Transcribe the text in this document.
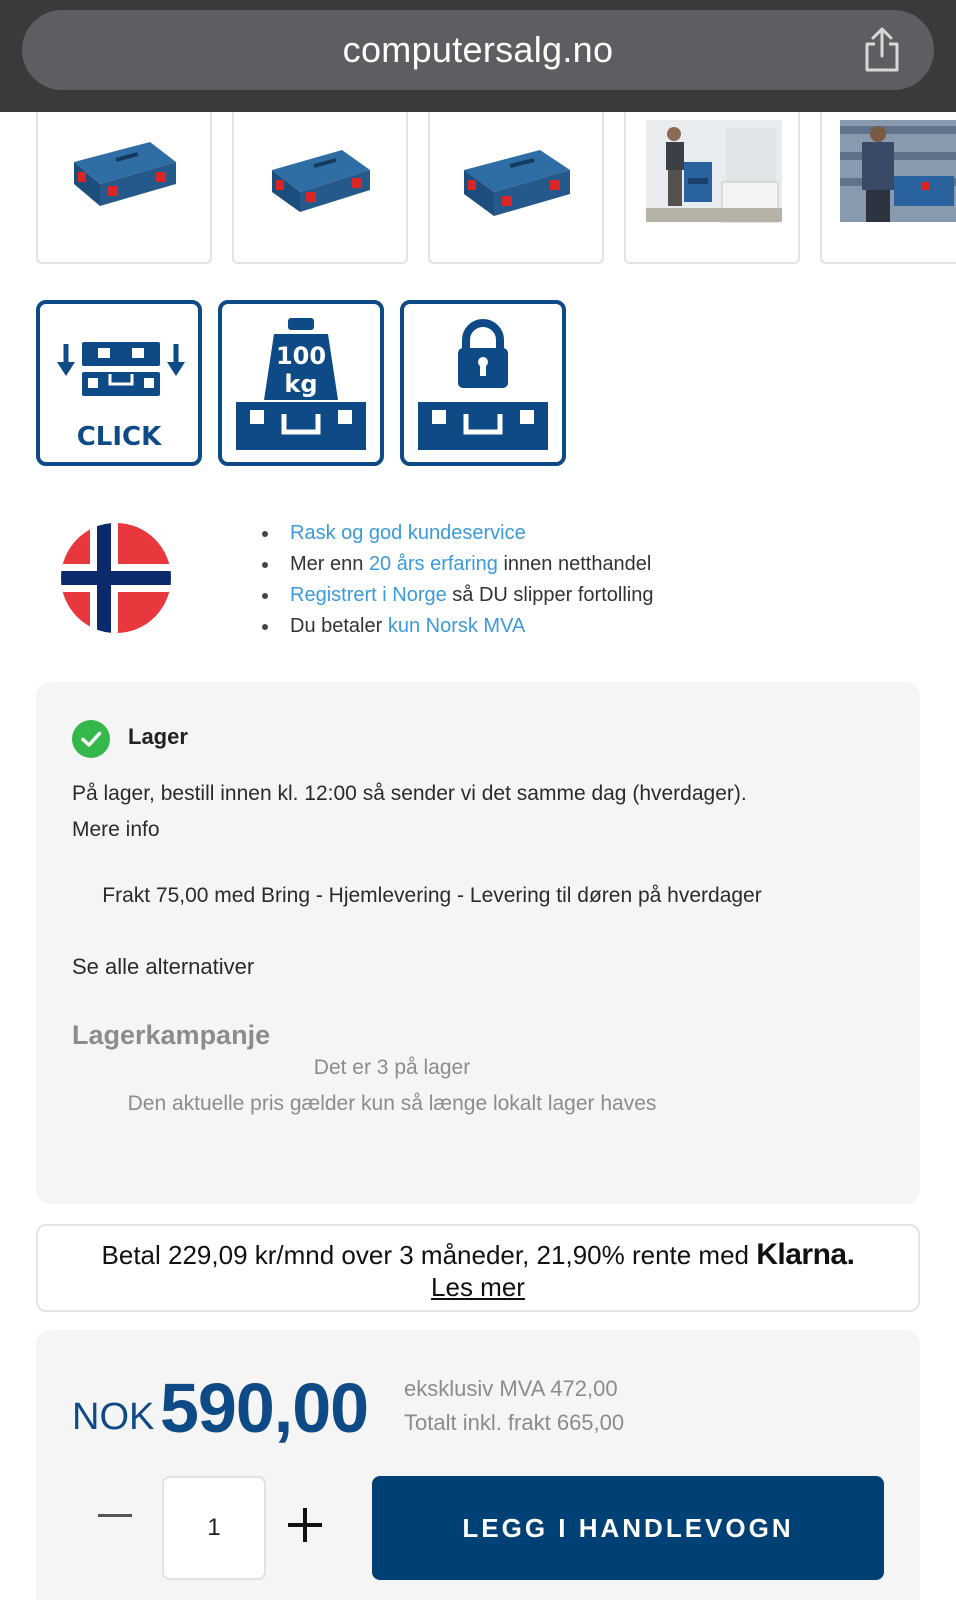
computersalg.no
CLICK
100
kg
Rask og god kundeservice
Mer enn 20 års erfaring innen netthandel
Registrert i Norge så DU slipper fortolling
Du betaler kun Norsk MVA
Lager
På lager, bestill innen kl. 12:00 så sender vi det samme dag (hverdager). Mere info
Frakt 75,00 med Bring - Hjemlevering - Levering til døren på hverdager
Se alle alternativer
Lagerkampanje
Det er 3 på lager
Den aktuelle pris gælder kun så længe lokalt lager haves
Betal 229,09 kr/mnd over 3 måneder, 21,90% rente med Klarna.
Les mer
NOK 590,00 eksklusiv MVA 472,00
Totalt inkl. frakt 665,00
1	LEGG I HANDLEVOGN
